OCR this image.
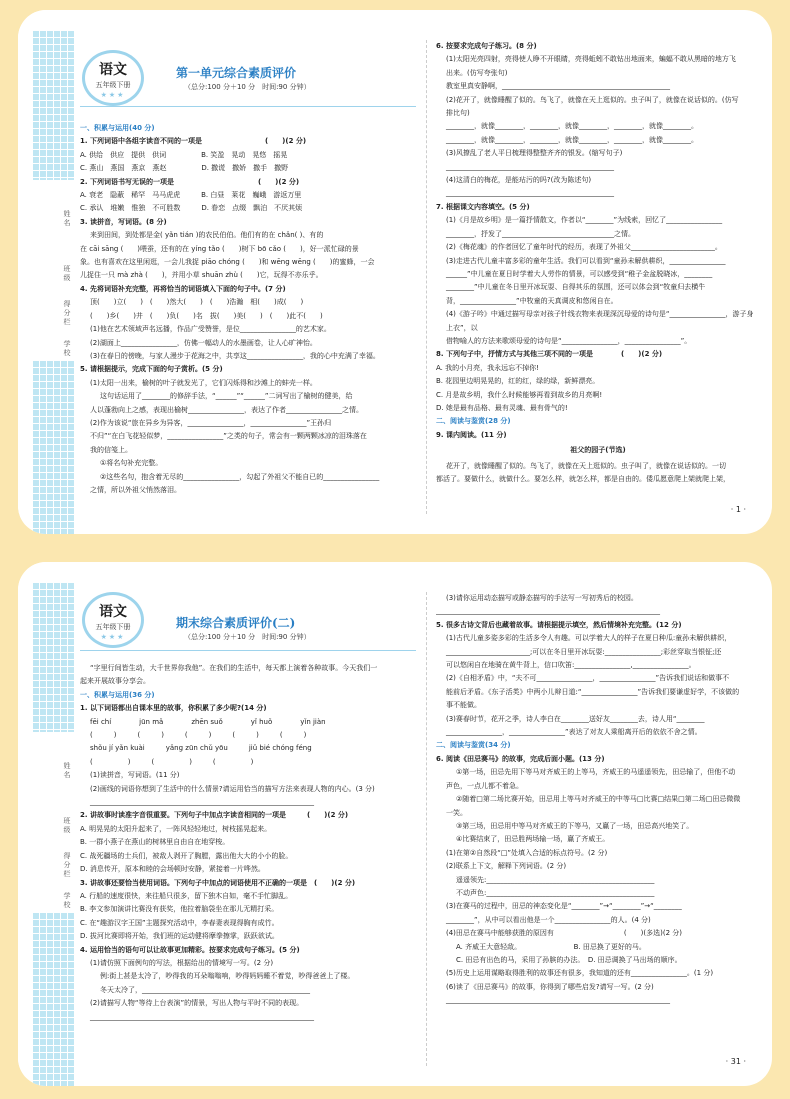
姓名
班级
得分栏
学校
语文
五年级下册
★★★
第一单元综合素质评价
（总分:100 分＋10 分　时间:90 分钟）
一、积累与运用(40 分)
1. 下列词语中各组字读音不同的一项是　　　　　　　　　(　　)(2 分)
A. 供给　供应　提供　供词　　　　　B. 笑盈　晃动　晃悠　摇晃
C. 燕山　燕国　燕京　燕赵　　　　　D. 撒谎　撒娇　撒手　撒野
2. 下列词语书写无误的一项是　　　　　　　　　　　　(　　)(2 分)
A. 衰老　隐蔽　稀罕　马马虎虎　　　B. 白昼　莱花　巍峨　游返万里
C. 承认　堆嫩　惟独　不可胜数　　　D. 眷恋　点缀　飘泊　不厌其烦
3. 读拼音，写词语。(8 分)
来到田间，到处都是金( yǎn tián )的农民伯伯。他们有的在 chǎn( )、有的
在 cāi sāng (　　)喂蚕，还有的在 yíng tǎo (　　)树下 bō cǎo (　　)，好一派忙碌的景
象。也有喜欢在这里闲逛，一会儿我捉 piāo chóng (　　)和 wēng wēng (　　)的蜜蜂，一会
儿捉住一只 mà zhà (　　)，并用小草 shuān zhù (　　)它，玩得不亦乐乎。
4. 先将词语补充完整，再将恰当的词语填入下面的句子中。(7 分)
顶(　　)立(　　)　(　　)然大(　　)　(　　)浩瀚　相(　　)成(　　)
(　　)乡(　　)井　(　　)负(　　)名　拔(　　)美(　　)　(　　)此不(　　)
(1)他在艺术领域声名远播，作品广受赞誉，是位________________的艺术家。
(2)湖面上________________，仿佛一幅动人的水墨画卷，让人心旷神怡。
(3)在春日的傍晚，与家人漫步于花海之中，共享这________________，我的心中充满了幸福。
5. 请根据提示，完成下面的句子赏析。(5 分)
(1)太阳一出来，榆树的叶子就发光了，它们闪烁得和沙滩上的蚌壳一样。
这句话运用了________的修辞手法，“______”“______”二词写出了榆树的健美，给
人以蓬勃向上之感，表现出榆树________________，表达了作者________________之情。
(2)作为该说“旅在异乡为异客，________________，________________”王孙归
不归”“在白飞花轻似梦，________________”之类的句子，常会有一颗两颗冰凉的泪珠落在
我的信笺上。
①将名句补充完整。
②这些名句，抱含着无尽的________________，勾起了外祖父不能自已的________________
之情，所以外祖父悄然落泪。
6. 按要求完成句子练习。(8 分)
(1)太阳光亮四射，亮得使人睁不开眼睛，亮得蚯蚓不敢钻出地面来，蝙蝠不敢从黑暗的地方飞
出来。(仿写夸张句)
教室里真安静啊，________________________________________________
(2)花开了，就像睡醒了似的。鸟飞了，就像在天上逛似的。虫子叫了，就像在说话似的。(仿写
排比句)
________，就像________，________，就像________，________，就像________。
________，就像________，________，就像________，________，就像________。
(3)风撩乱了老人平日梳理得整整齐齐的银发。(缩写句子)
________________________________________________
(4)这清白的梅花，是能玷污的吗?(改为陈述句)
________________________________________________
7. 根据课文内容填空。(5 分)
(1)《月是故乡明》是一篇抒情散文，作者以“________”为线索，回忆了________________
________，抒发了________________________________之情。
(2)《梅花魂》的作者回忆了童年时代的经历，表现了外祖父________________________。
(3)走进古代儿童丰富多彩的童年生活。我们可以看到“童孙未解供耕织，________________
______”中儿童在夏日时学着大人劳作的情景，可以感受到“稚子金盆脱晓冰，________
________”中儿童在冬日里开冰玩耍、自得其乐的氛围，还可以体会到“牧童归去横牛
背，________________”中牧童的天真调皮和悠闲自在。
(4)《游子吟》中通过描写母亲对孩子针线衣物来表现深沉母爱的诗句是“________________，游子身上衣”，以
借物喻人的方法来歌颂母爱的诗句是“________________，________________”。
8. 下列句子中，抒情方式与其他三项不同的一项是　　　　(　　)(2 分)
A. 我的小月亮，我永远忘不掉你!
B. 花园里边明晃晃的，红的红，绿的绿，新鲜漂亮。
C. 月是故乡明，我什么时候能够再看到故乡的月亮啊!
D. 她是最有品格、最有灵魂、最有骨气的!
二、阅读与鉴赏(28 分)
9. 课内阅读。(11 分)
祖父的园子(节选)
花开了，就像睡醒了似的。鸟飞了，就像在天上逛似的。虫子叫了，就像在说话似的。一切
都活了。要做什么，就做什么。要怎么样，就怎么样，都是自由的。倭瓜愿意爬上架就爬上架，
· 1 ·
姓名
班级
得分栏
学校
语文
五年级下册
★★★
期末综合素质评价(二)
（总分:100 分＋10 分　时间:90 分钟）
“字里行间皆生动，大千世界你我他”。在我们的生活中，每天都上演着各种故事。今天我们一
起来开展故事分享会。
一、积累与运用(36 分)
1. 以下词语都出自课本里的故事，你积累了多少呢?(14 分)
fēi chí　　　　jūn mǎ　　　　zhēn suǒ　　　　yǐ huǒ　　　　yǐn jiàn
(　　　)　　　(　　　)　　　(　　　)　　　(　　　)　　　(　　　)
shǒu jí yǎn kuài　　　yǎng zūn chǔ yōu　　　jiǔ bié chóng féng
(　　　　　)　　　(　　　　　)　　　(　　　　　)
(1)读拼音，写词语。(11 分)
(2)画线的词语你想到了生活中的什么情景?请运用恰当的描写方法来表现人物的内心。(3 分)
________________________________________________________________
2. 讲故事时读准字音很重要。下列句子中加点字读音相同的一项是　　　(　　)(2 分)
A. 明晃晃的太阳升起来了，一阵风轻轻地过，树枝摇晃起来。
B. 一群小燕子在燕山的树林里自由自在地穿梭。
C. 战死疆场的士兵们，被敌人剥开了胸膛，露出他大大的小小的脸。
D. 消息传开，原本和睦的会场顿时安静，紧接着一片哗然。
3. 讲故事还要恰当使用词语。下列句子中加点的词语使用不正确的一项是　(　　)(2 分)
A. 行船的速度很快，来往船只很多，留下独木自如，毫不手忙脚乱。
B. 李文参加演讲比赛没有获奖，他拉着脑袋坐在那儿无精打采。
C. 在“趣游汉字王国”主题探究活动中，李春妻表现得胸有成竹。
D. 拔河比赛即将开始，我们班的运动健将摩拳擦掌，跃跃欲试。
4. 运用恰当的语句可以让故事更加精彩。按要求完成句子练习。(5 分)
(1)请仿照下面例句的写法，根据给出的情境写一写。(2 分)
例:街上甚是太冷了，吵得我的耳朵嗡嗡响，吵得妈妈睡不着觉，吵得爸爸上了楼。
冬天太冷了，________________________________________________
(2)请描写人物“等待上台表演”的情景，写出人物与平时不同的表现。
________________________________________________________________
(3)请你运用动态描写或静态描写的手法写一写初秀后的校园。
________________________________________________________________
5. 很多古诗文背后也藏着故事。请根据提示填空，然后情境补充完整。(12 分)
(1)古代儿童多姿多彩的生活多令人有趣。可以学着大人的样子在夏日种瓜:童孙未解供耕织，
________________________;可以在冬日里开冰玩耍:________________;彩丝穿取当银钲;还
可以悠闲自在地骑在黄牛背上，信口吹笛:________________,________________。
(2)《自相矛盾》中，“夫不可________________，________________”告诉我们说话和做事不
能前后矛盾。《东子活类》中两小儿辩日道:“________________”告诉我们要谦虚好学，不该做的
事不能做。
(3)赛春时节，花开之季，诗人李白在________送好友________去，诗人用“________
________________，________________”表达了对友人乘船离开后的依依不舍之情。
二、阅读与鉴赏(34 分)
6. 阅读《田忌赛马》的故事，完成后面小题。(13 分)
①第一场，田忌先用下等马对齐威王的上等马，齐威王的马遥遥领先，田忌输了，但他不动
声色，一点儿都不着急。
②随着□第二场比赛开始，田忌用上等马对齐威王的中等马□比赛□结果□第二场□田忌微微
一笑。
③第三场，田忌用中等马对齐威王的下等马，又赢了一场，田忌高兴地笑了。
④比赛结束了，田忌胜两场输一场，赢了齐威王。
(1)在第②自然段“□”处填入合适的标点符号。(2 分)
(2)联系上下文，解释下列词语。(2 分)
遥遥领先:________________________________________________
不动声色:________________________________________________
(3)在赛马的过程中，田忌的神态变化是“________”→“________”→“________
________”，从中可以看出他是一个________________的人。(4 分)
(4)田忌在赛马中能够获胜的原因有　　　　　　　　　　(　　)(多选)(2 分)
A. 齐威王大意轻敌。　　　　　　　　B. 田忌换了更好的马。
C. 田忌有出色的马，采用了孙膑的办法。　D. 田忌调换了马出场的顺序。
(5)历史上运用谋略取得胜利的故事还有很多，我知道的还有________________。(1 分)
(6)读了《田忌赛马》的故事，你得到了哪些启发?请写一写。(2 分)
________________________________________________________________
· 31 ·
